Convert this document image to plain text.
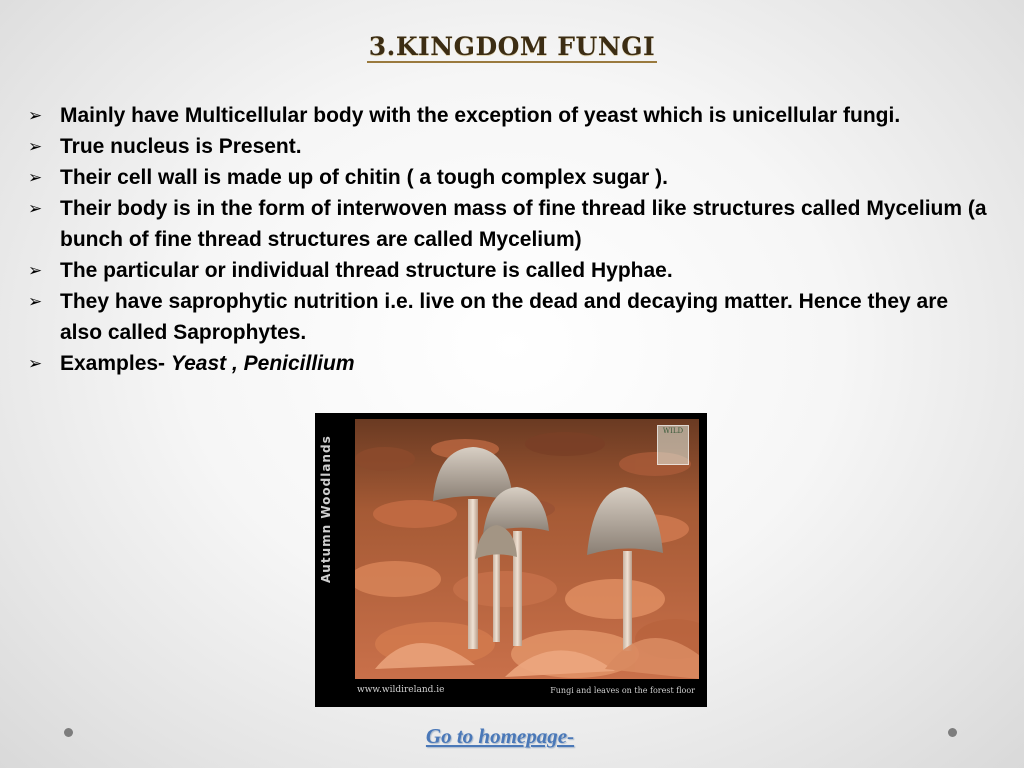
3.KINGDOM FUNGI
➢ Mainly have Multicellular body with the exception of yeast which is unicellular fungi.
➢ True nucleus is Present.
➢ Their cell wall is made up of chitin ( a tough complex sugar ).
➢ Their body is in the form of interwoven mass of fine thread like structures called Mycelium (a bunch of fine thread structures are called Mycelium)
➢ The particular or individual thread structure is called Hyphae.
➢ They have saprophytic nutrition i.e. live on the dead and decaying matter. Hence they are also called Saprophytes.
➢ Examples- Yeast , Penicillium
Autumn Woodlands
WILD
www.wildireland.ie	Fungi and leaves on the forest floor
Go to homepage-
